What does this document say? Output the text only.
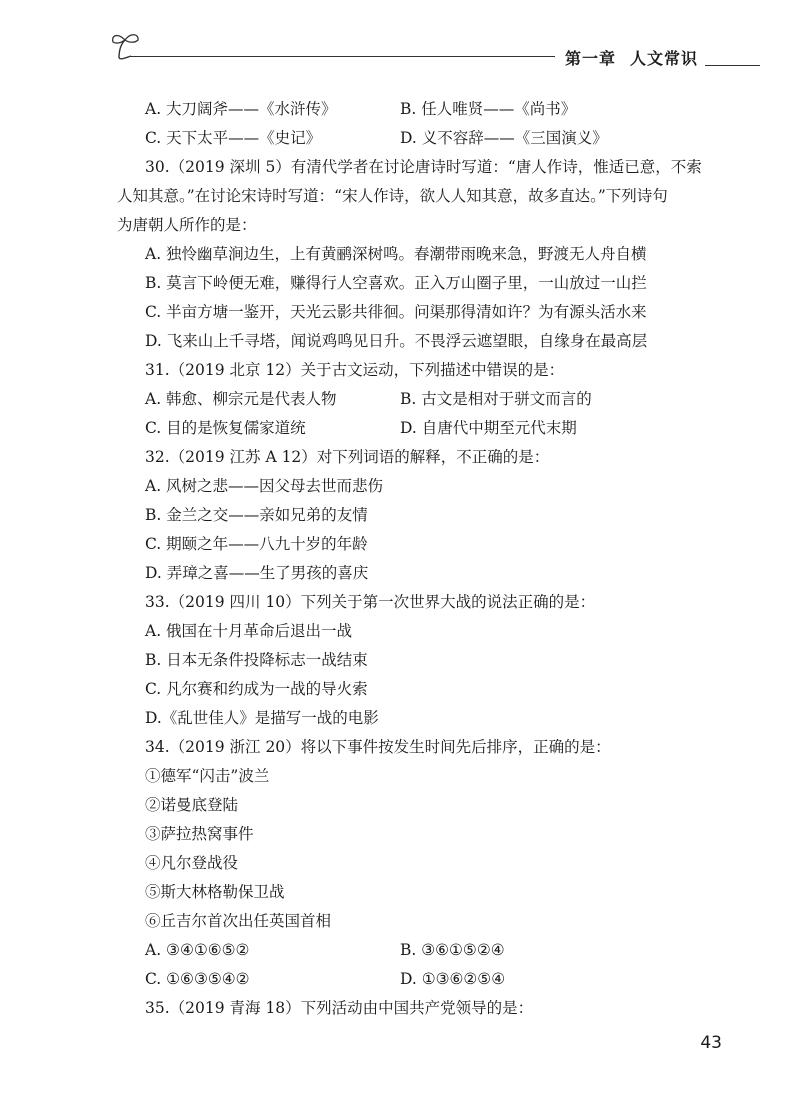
第一章 人文常识
A. 大刀阔斧——《水浒传》	B. 任人唯贤——《尚书》
C. 天下太平——《史记》	D. 义不容辞——《三国演义》
30.（2019 深圳 5）有清代学者在讨论唐诗时写道：“唐人作诗，惟适已意，不索
人知其意。”在讨论宋诗时写道：“宋人作诗，欲人人知其意，故多直达。”下列诗句
为唐朝人所作的是：
A. 独怜幽草涧边生，上有黄鹂深树鸣。春潮带雨晚来急，野渡无人舟自横
B. 莫言下岭便无难，赚得行人空喜欢。正入万山圈子里，一山放过一山拦
C. 半亩方塘一鉴开，天光云影共徘徊。问渠那得清如许？为有源头活水来
D. 飞来山上千寻塔，闻说鸡鸣见日升。不畏浮云遮望眼，自缘身在最高层
31.（2019 北京 12）关于古文运动，下列描述中错误的是：
A. 韩愈、柳宗元是代表人物	B. 古文是相对于骈文而言的
C. 目的是恢复儒家道统	D. 自唐代中期至元代末期
32.（2019 江苏 A 12）对下列词语的解释，不正确的是：
A. 风树之悲——因父母去世而悲伤
B. 金兰之交——亲如兄弟的友情
C. 期颐之年——八九十岁的年龄
D. 弄璋之喜——生了男孩的喜庆
33.（2019 四川 10）下列关于第一次世界大战的说法正确的是：
A. 俄国在十月革命后退出一战
B. 日本无条件投降标志一战结束
C. 凡尔赛和约成为一战的导火索
D.《乱世佳人》是描写一战的电影
34.（2019 浙江 20）将以下事件按发生时间先后排序，正确的是：
①德军“闪击”波兰
②诺曼底登陆
③萨拉热窝事件
④凡尔登战役
⑤斯大林格勒保卫战
⑥丘吉尔首次出任英国首相
A. ③④①⑥⑤②	B. ③⑥①⑤②④
C. ①⑥③⑤④②	D. ①③⑥②⑤④
35.（2019 青海 18）下列活动由中国共产党领导的是：
43
